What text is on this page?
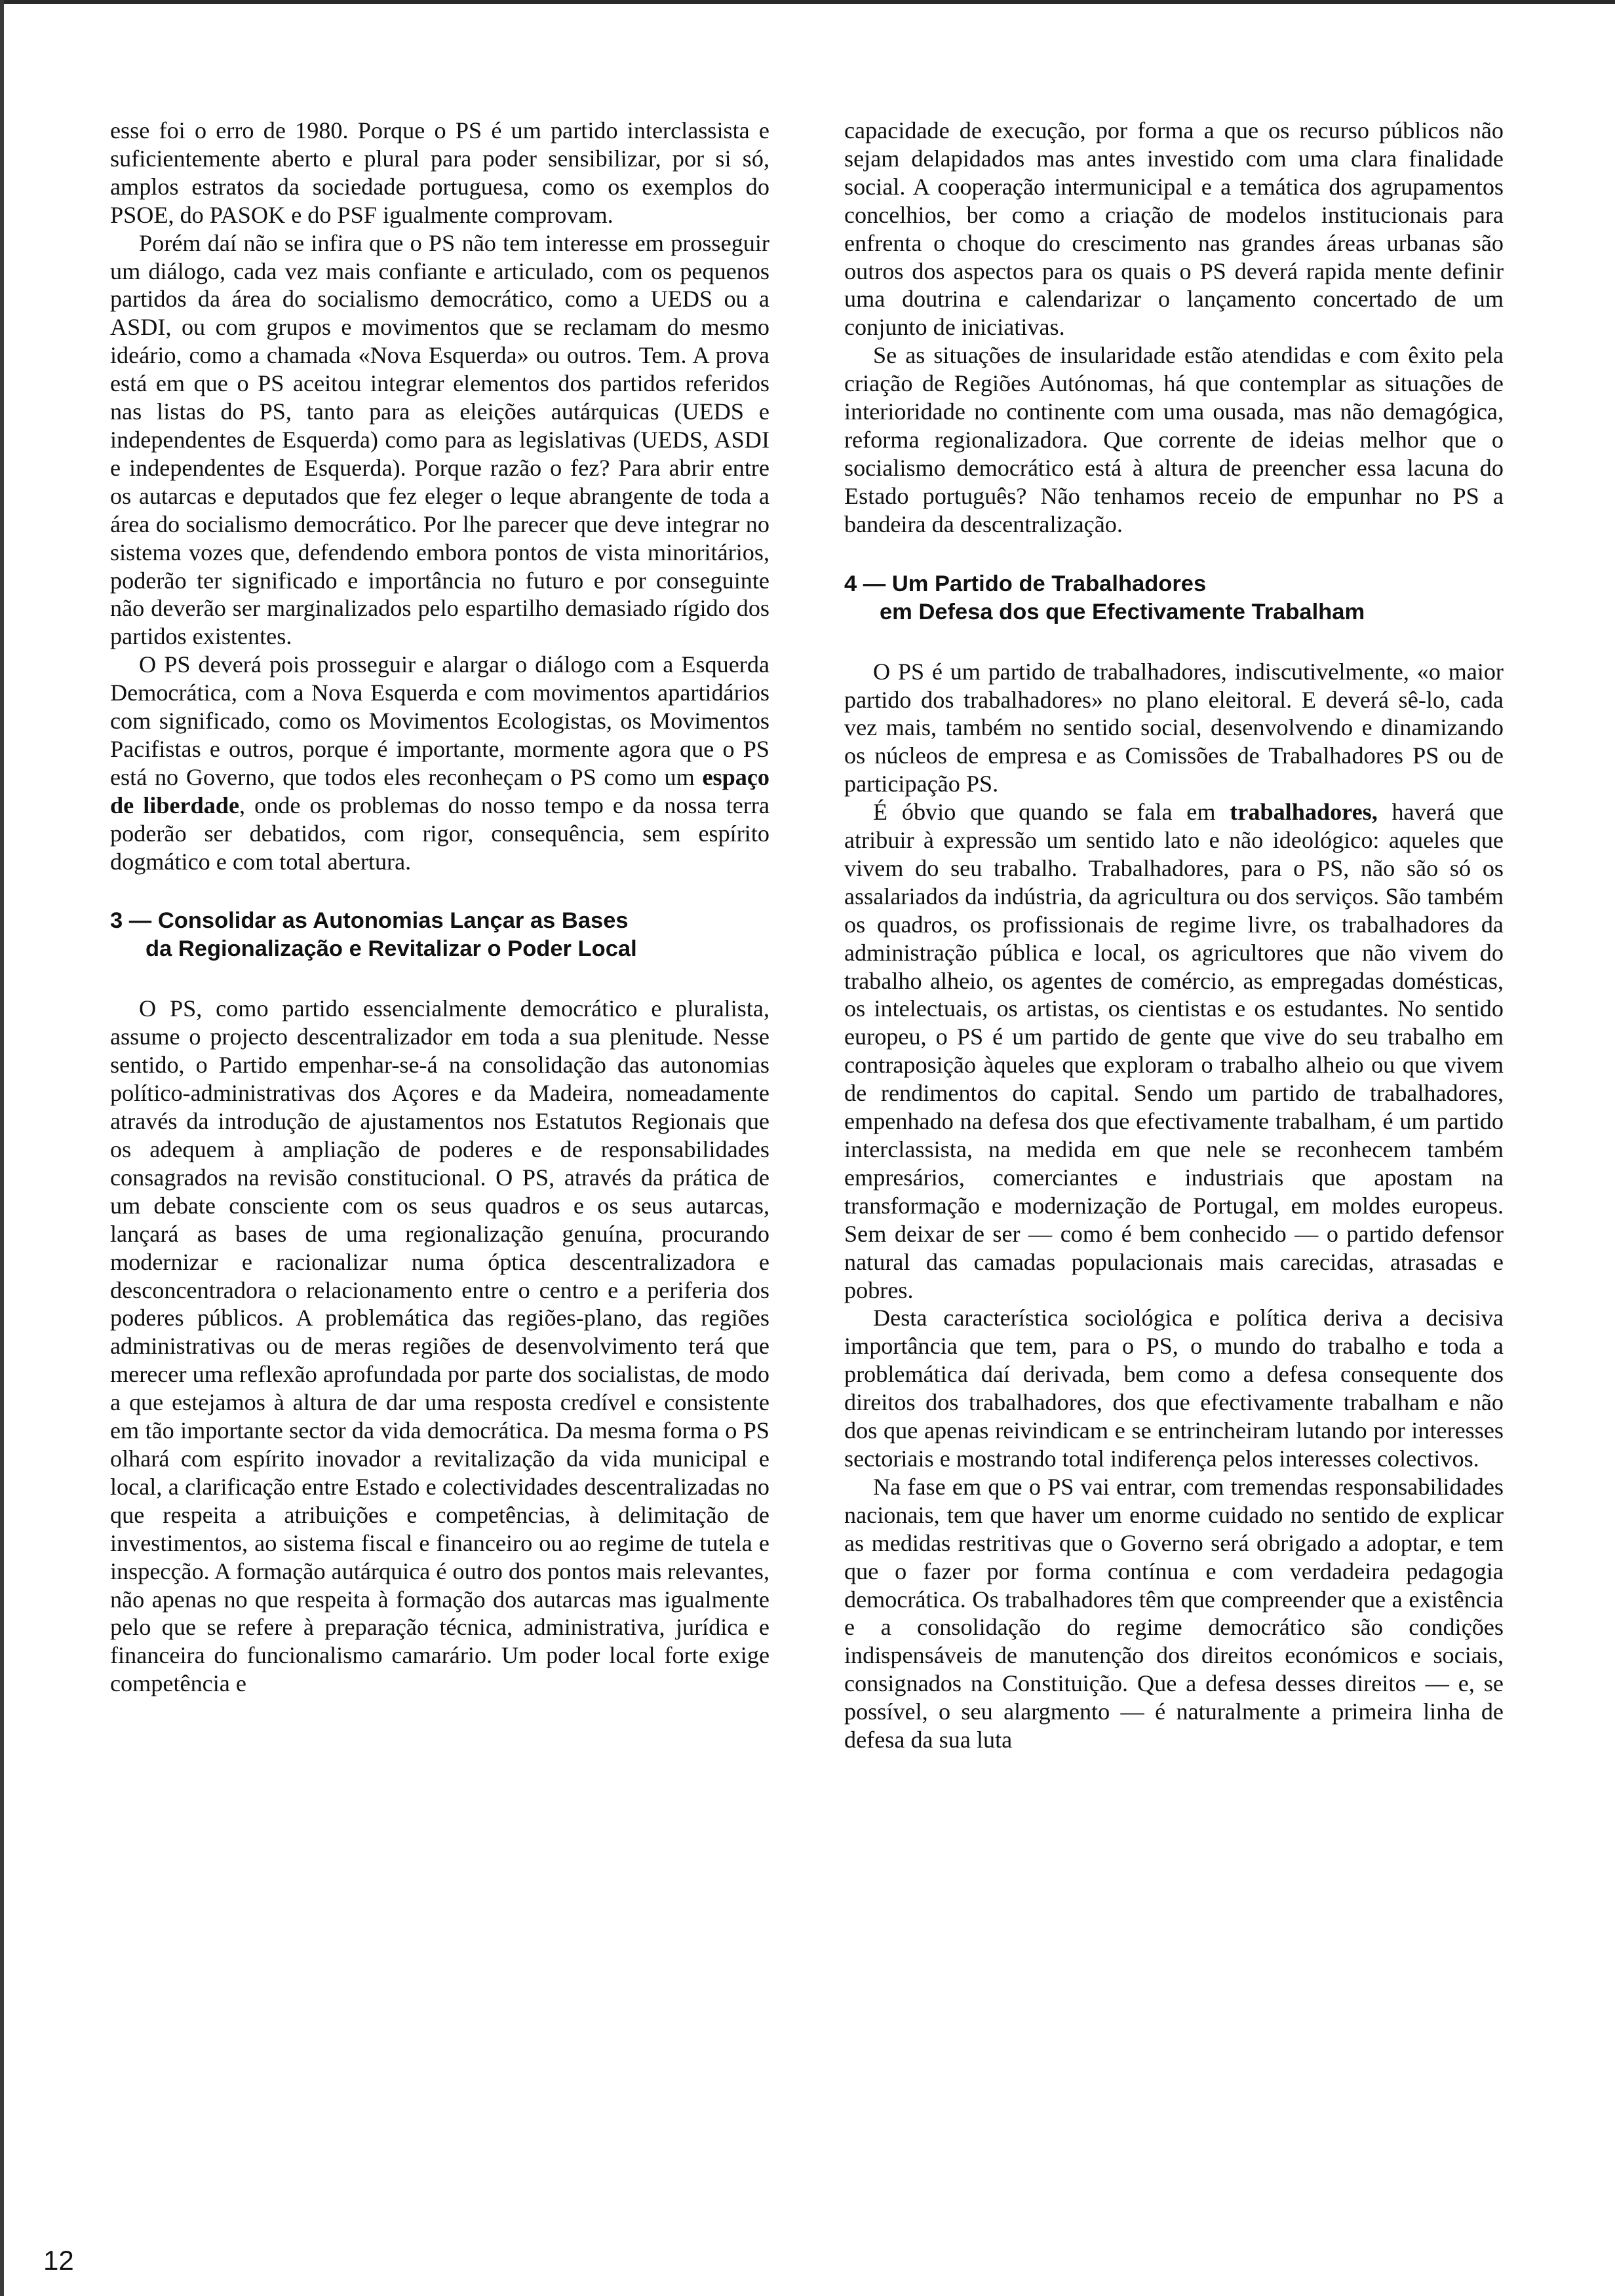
esse foi o erro de 1980. Porque o PS é um partido interclassista e suficientemente aberto e plural para poder sensibilizar, por si só, amplos estratos da sociedade portuguesa, como os exemplos do PSOE, do PASOK e do PSF igualmente comprovam.

Porém daí não se infira que o PS não tem interesse em prosseguir um diálogo, cada vez mais confiante e articulado, com os pequenos partidos da área do socialismo democrático, como a UEDS ou a ASDI, ou com grupos e movimentos que se reclamam do mesmo ideário, como a chamada «Nova Esquerda» ou outros. Tem. A prova está em que o PS aceitou integrar elementos dos partidos referidos nas listas do PS, tanto para as eleições autárquicas (UEDS e independentes de Esquerda) como para as legislativas (UEDS, ASDI e independentes de Esquerda). Porque razão o fez? Para abrir entre os autarcas e deputados que fez eleger o leque abrangente de toda a área do socialismo democrático. Por lhe parecer que deve integrar no sistema vozes que, defendendo embora pontos de vista minoritários, poderão ter significado e importância no futuro e por conseguinte não deverão ser marginalizados pelo espartilho demasiado rígido dos partidos existentes.

O PS deverá pois prosseguir e alargar o diálogo com a Esquerda Democrática, com a Nova Esquerda e com movimentos apartidários com significado, como os Movimentos Ecologistas, os Movimentos Pacifistas e outros, porque é importante, mormente agora que o PS está no Governo, que todos eles reconheçam o PS como um espaço de liberdade, onde os problemas do nosso tempo e da nossa terra poderão ser debatidos, com rigor, consequência, sem espírito dogmático e com total abertura.

3 — Consolidar as Autonomias Lançar as Bases
da Regionalização e Revitalizar o Poder Local

O PS, como partido essencialmente democrático e pluralista, assume o projecto descentralizador em toda a sua plenitude. Nesse sentido, o Partido empenhar-se-á na consolidação das autonomias político-administrativas dos Açores e da Madeira, nomeadamente através da introdução de ajustamentos nos Estatutos Regionais que os adequem à ampliação de poderes e de responsabilidades consagrados na revisão constitucional. O PS, através da prática de um debate consciente com os seus quadros e os seus autarcas, lançará as bases de uma regionalização genuína, procurando modernizar e racionalizar numa óptica descentralizadora e desconcentradora o relacionamento entre o centro e a periferia dos poderes públicos. A problemática das regiões-plano, das regiões administrativas ou de meras regiões de desenvolvimento terá que merecer uma reflexão aprofundada por parte dos socialistas, de modo a que estejamos à altura de dar uma resposta credível e consistente em tão importante sector da vida democrática. Da mesma forma o PS olhará com espírito inovador a revitalização da vida municipal e local, a clarificação entre Estado e colectividades descentralizadas no que respeita a atribuições e competências, à delimitação de investimentos, ao sistema fiscal e financeiro ou ao regime de tutela e inspecção. A formação autárquica é outro dos pontos mais relevantes, não apenas no que respeita à formação dos autarcas mas igualmente pelo que se refere à preparação técnica, administrativa, jurídica e financeira do funcionalismo camarário. Um poder local forte exige competência e

capacidade de execução, por forma a que os recurso públicos não sejam delapidados mas antes investido com uma clara finalidade social. A cooperação intermunicipal e a temática dos agrupamentos concelhios, ber como a criação de modelos institucionais para enfrenta o choque do crescimento nas grandes áreas urbanas são outros dos aspectos para os quais o PS deverá rapida mente definir uma doutrina e calendarizar o lançamento concertado de um conjunto de iniciativas.

Se as situações de insularidade estão atendidas e com êxito pela criação de Regiões Autónomas, há que contemplar as situações de interioridade no continente com uma ousada, mas não demagógica, reforma regionalizadora. Que corrente de ideias melhor que o socialismo democrático está à altura de preencher essa lacuna do Estado português? Não tenhamos receio de empunhar no PS a bandeira da descentralização.

4 — Um Partido de Trabalhadores
em Defesa dos que Efectivamente Trabalham

O PS é um partido de trabalhadores, indiscutivelmente, «o maior partido dos trabalhadores» no plano eleitoral. E deverá sê-lo, cada vez mais, também no sentido social, desenvolvendo e dinamizando os núcleos de empresa e as Comissões de Trabalhadores PS ou de participação PS.

É óbvio que quando se fala em trabalhadores, haverá que atribuir à expressão um sentido lato e não ideológico: aqueles que vivem do seu trabalho. Trabalhadores, para o PS, não são só os assalariados da indústria, da agricultura ou dos serviços. São também os quadros, os profissionais de regime livre, os trabalhadores da administração pública e local, os agricultores que não vivem do trabalho alheio, os agentes de comércio, as empregadas domésticas, os intelectuais, os artistas, os cientistas e os estudantes. No sentido europeu, o PS é um partido de gente que vive do seu trabalho em contraposição àqueles que exploram o trabalho alheio ou que vivem de rendimentos do capital. Sendo um partido de trabalhadores, empenhado na defesa dos que efectivamente trabalham, é um partido interclassista, na medida em que nele se reconhecem também empresários, comerciantes e industriais que apostam na transformação e modernização de Portugal, em moldes europeus. Sem deixar de ser — como é bem conhecido — o partido defensor natural das camadas populacionais mais carecidas, atrasadas e pobres.

Desta característica sociológica e política deriva a decisiva importância que tem, para o PS, o mundo do trabalho e toda a problemática daí derivada, bem como a defesa consequente dos direitos dos trabalhadores, dos que efectivamente trabalham e não dos que apenas reivindicam e se entrincheiram lutando por interesses sectoriais e mostrando total indiferença pelos interesses colectivos.

Na fase em que o PS vai entrar, com tremendas responsabilidades nacionais, tem que haver um enorme cuidado no sentido de explicar as medidas restritivas que o Governo será obrigado a adoptar, e tem que o fazer por forma contínua e com verdadeira pedagogia democrática. Os trabalhadores têm que compreender que a existência e a consolidação do regime democrático são condições indispensáveis de manutenção dos direitos económicos e sociais, consignados na Constituição. Que a defesa desses direitos — e, se possível, o seu alargmento — é naturalmente a primeira linha de defesa da sua luta

12
